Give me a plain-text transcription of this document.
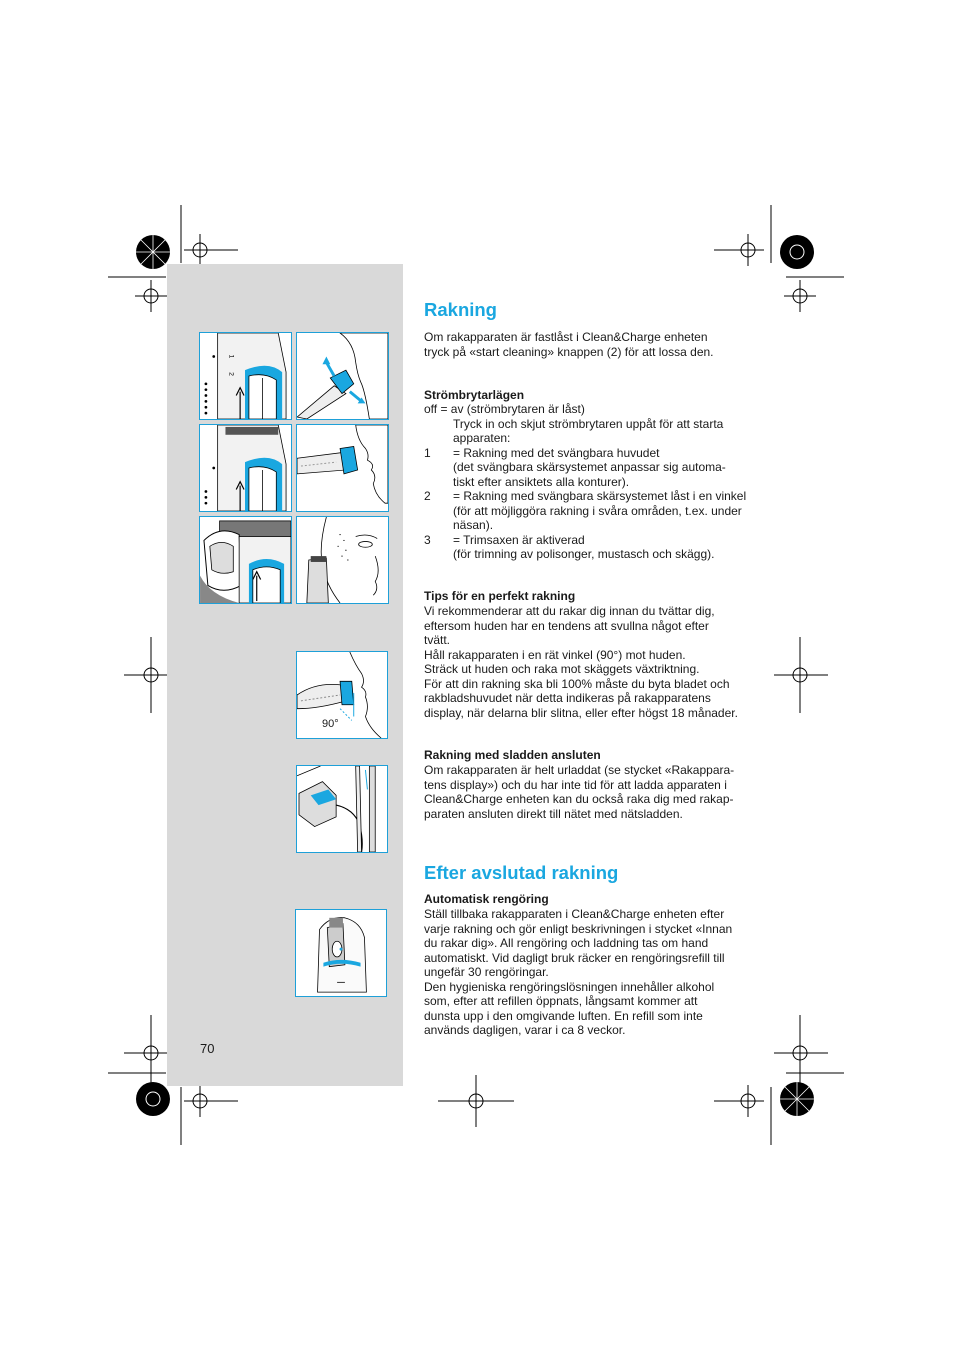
1
2
90°
Rakning
Om rakapparaten är fastlåst i Clean&Charge enheten
tryck på «start cleaning» knappen (2) för att lossa den.
Strömbrytarlägen
off = av (strömbrytaren är låst)
Tryck in och skjut strömbrytaren uppåt för att starta
apparaten:
1	= Rakning med det svängbara huvudet
(det svängbara skärsystemet anpassar sig automa-
tiskt efter ansiktets alla konturer).
2	= Rakning med svängbara skärsystemet låst i en vinkel
(för att möjliggöra rakning i svåra områden, t.ex. under
näsan).
3	= Trimsaxen är aktiverad
(för trimning av polisonger, mustasch och skägg).
Tips för en perfekt rakning
Vi rekommenderar att du rakar dig innan du tvättar dig,
eftersom huden har en tendens att svullna något efter
tvätt.
Håll rakapparaten i en rät vinkel (90°) mot huden.
Sträck ut huden och raka mot skäggets växtriktning.
För att din rakning ska bli 100% måste du byta bladet och
rakbladshuvudet när detta indikeras på rakapparatens
display, när delarna blir slitna, eller efter högst 18 månader.
Rakning med sladden ansluten
Om rakapparaten är helt urladdat (se stycket «Rakappara-
tens display») och du har inte tid för att ladda apparaten i
Clean&Charge enheten kan du också raka dig med rakap-
paraten ansluten direkt till nätet med nätsladden.
Efter avslutad rakning
Automatisk rengöring
Ställ tillbaka rakapparaten i Clean&Charge enheten efter
varje rakning och gör enligt beskrivningen i stycket «Innan
du rakar dig». All rengöring och laddning tas om hand
automatiskt. Vid dagligt bruk räcker en rengöringsrefill till
ungefär 30 rengöringar.
Den hygieniska rengöringslösningen innehåller alkohol
som, efter att refillen öppnats, långsamt kommer att
dunsta upp i den omgivande luften. En refill som inte
används dagligen, varar i ca 8 veckor.
70
